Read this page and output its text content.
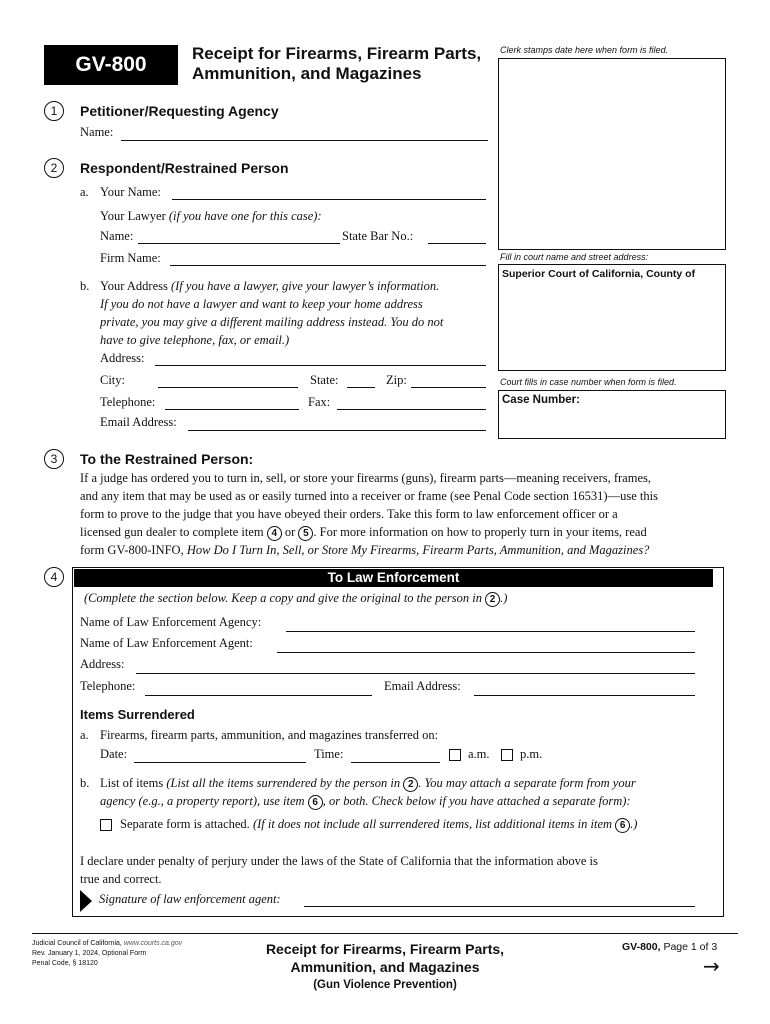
GV-800	Receipt for Firearms, Firearm Parts,
Ammunition, and Magazines
Clerk stamps date here when form is filed.
Fill in court name and street address:
Superior Court of California, County of
Court fills in case number when form is filed.
Case Number:
1	Petitioner/Requesting Agency
Name:
2	Respondent/Restrained Person
a. Your Name:
Your Lawyer (if you have one for this case):
Name:	State Bar No.:
Firm Name:
b. Your Address (If you have a lawyer, give your lawyer’s information.
If you do not have a lawyer and want to keep your home address
private, you may give a different mailing address instead. You do not
have to give telephone, fax, or email.)
Address:
City:	State:	Zip:
Telephone:	Fax:
Email Address:
3	To the Restrained Person:
If a judge has ordered you to turn in, sell, or store your firearms (guns), firearm parts—meaning receivers, frames,
and any item that may be used as or easily turned into a receiver or frame (see Penal Code section 16531)—use this
form to prove to the judge that you have obeyed their orders. Take this form to law enforcement officer or a
licensed gun dealer to complete item 4 or 5 . For more information on how to properly turn in your items, read
form GV-800-INFO, How Do I Turn In, Sell, or Store My Firearms, Firearm Parts, Ammunition, and Magazines?
4	To Law Enforcement
(Complete the section below. Keep a copy and give the original to the person in 2 .)
Name of Law Enforcement Agency:
Name of Law Enforcement Agent:
Address:
Telephone:	Email Address:
Items Surrendered
a. Firearms, firearm parts, ammunition, and magazines transferred on:
Date:	Time:	a.m. p.m.
b. List of items (List all the items surrendered by the person in 2 . You may attach a separate form from your
agency (e.g., a property report), use item 6 , or both. Check below if you have attached a separate form):
Separate form is attached. (If it does not include all surrendered items, list additional items in item 6 .)
I declare under penalty of perjury under the laws of the State of California that the information above is
true and correct.
Signature of law enforcement agent:
Judicial Council of California, www.courts.ca.gov
Rev. January 1, 2024, Optional Form
Penal Code, § 18120
Receipt for Firearms, Firearm Parts,
Ammunition, and Magazines
(Gun Violence Prevention)
GV-800, Page 1 of 3
→
